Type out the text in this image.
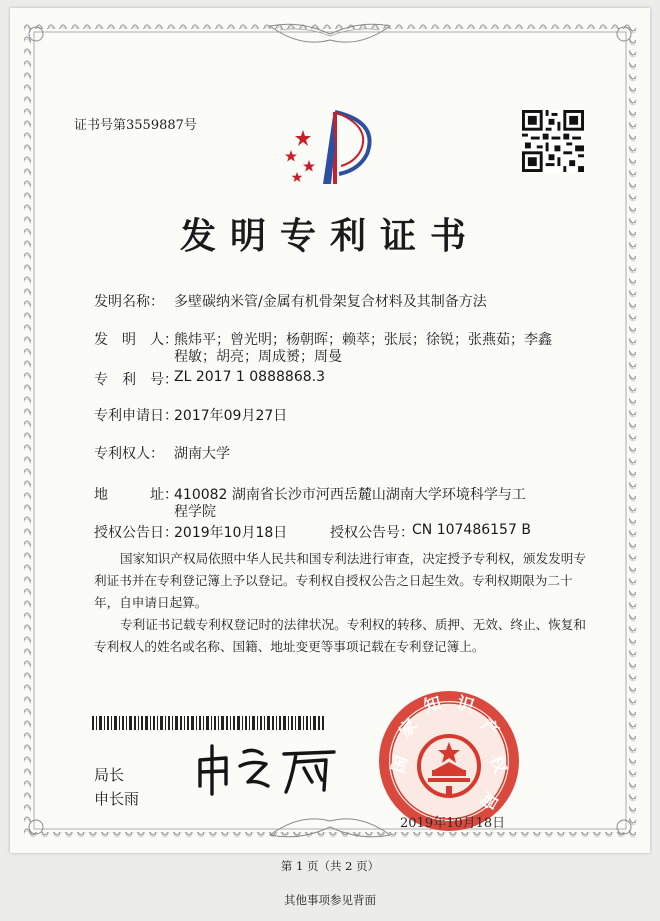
证书号第3559887号
发明专利证书
发明名称： 多壁碳纳米管/金属有机骨架复合材料及其制备方法
发　明　人：
熊炜平；曾光明；杨朝晖；赖萃；张辰；徐锐；张燕茹；李鑫
程敏；胡亮；周成赟；周曼
专　利　号：
ZL 2017 1 0888868.3
专利申请日：
2017年09月27日
专利权人： 湖南大学
地　　　址：
410082 湖南省长沙市河西岳麓山湖南大学环境科学与工
程学院
授权公告日：
2019年10月18日	授权公告号：
CN 107486157 B
国家知识产权局依照中华人民共和国专利法进行审查，决定授予专利权，颁发发明专利证书并在专利登记簿上予以登记。专利权自授权公告之日起生效。专利权期限为二十年，自申请日起算。
专利证书记载专利权登记时的法律状况。专利权的转移、质押、无效、终止、恢复和专利权人的姓名或名称、国籍、地址变更等事项记载在专利登记簿上。
局长
申长雨
国
家
知 识
产
权
局
2019年10月18日
第 1 页（共 2 页）
其他事项参见背面
